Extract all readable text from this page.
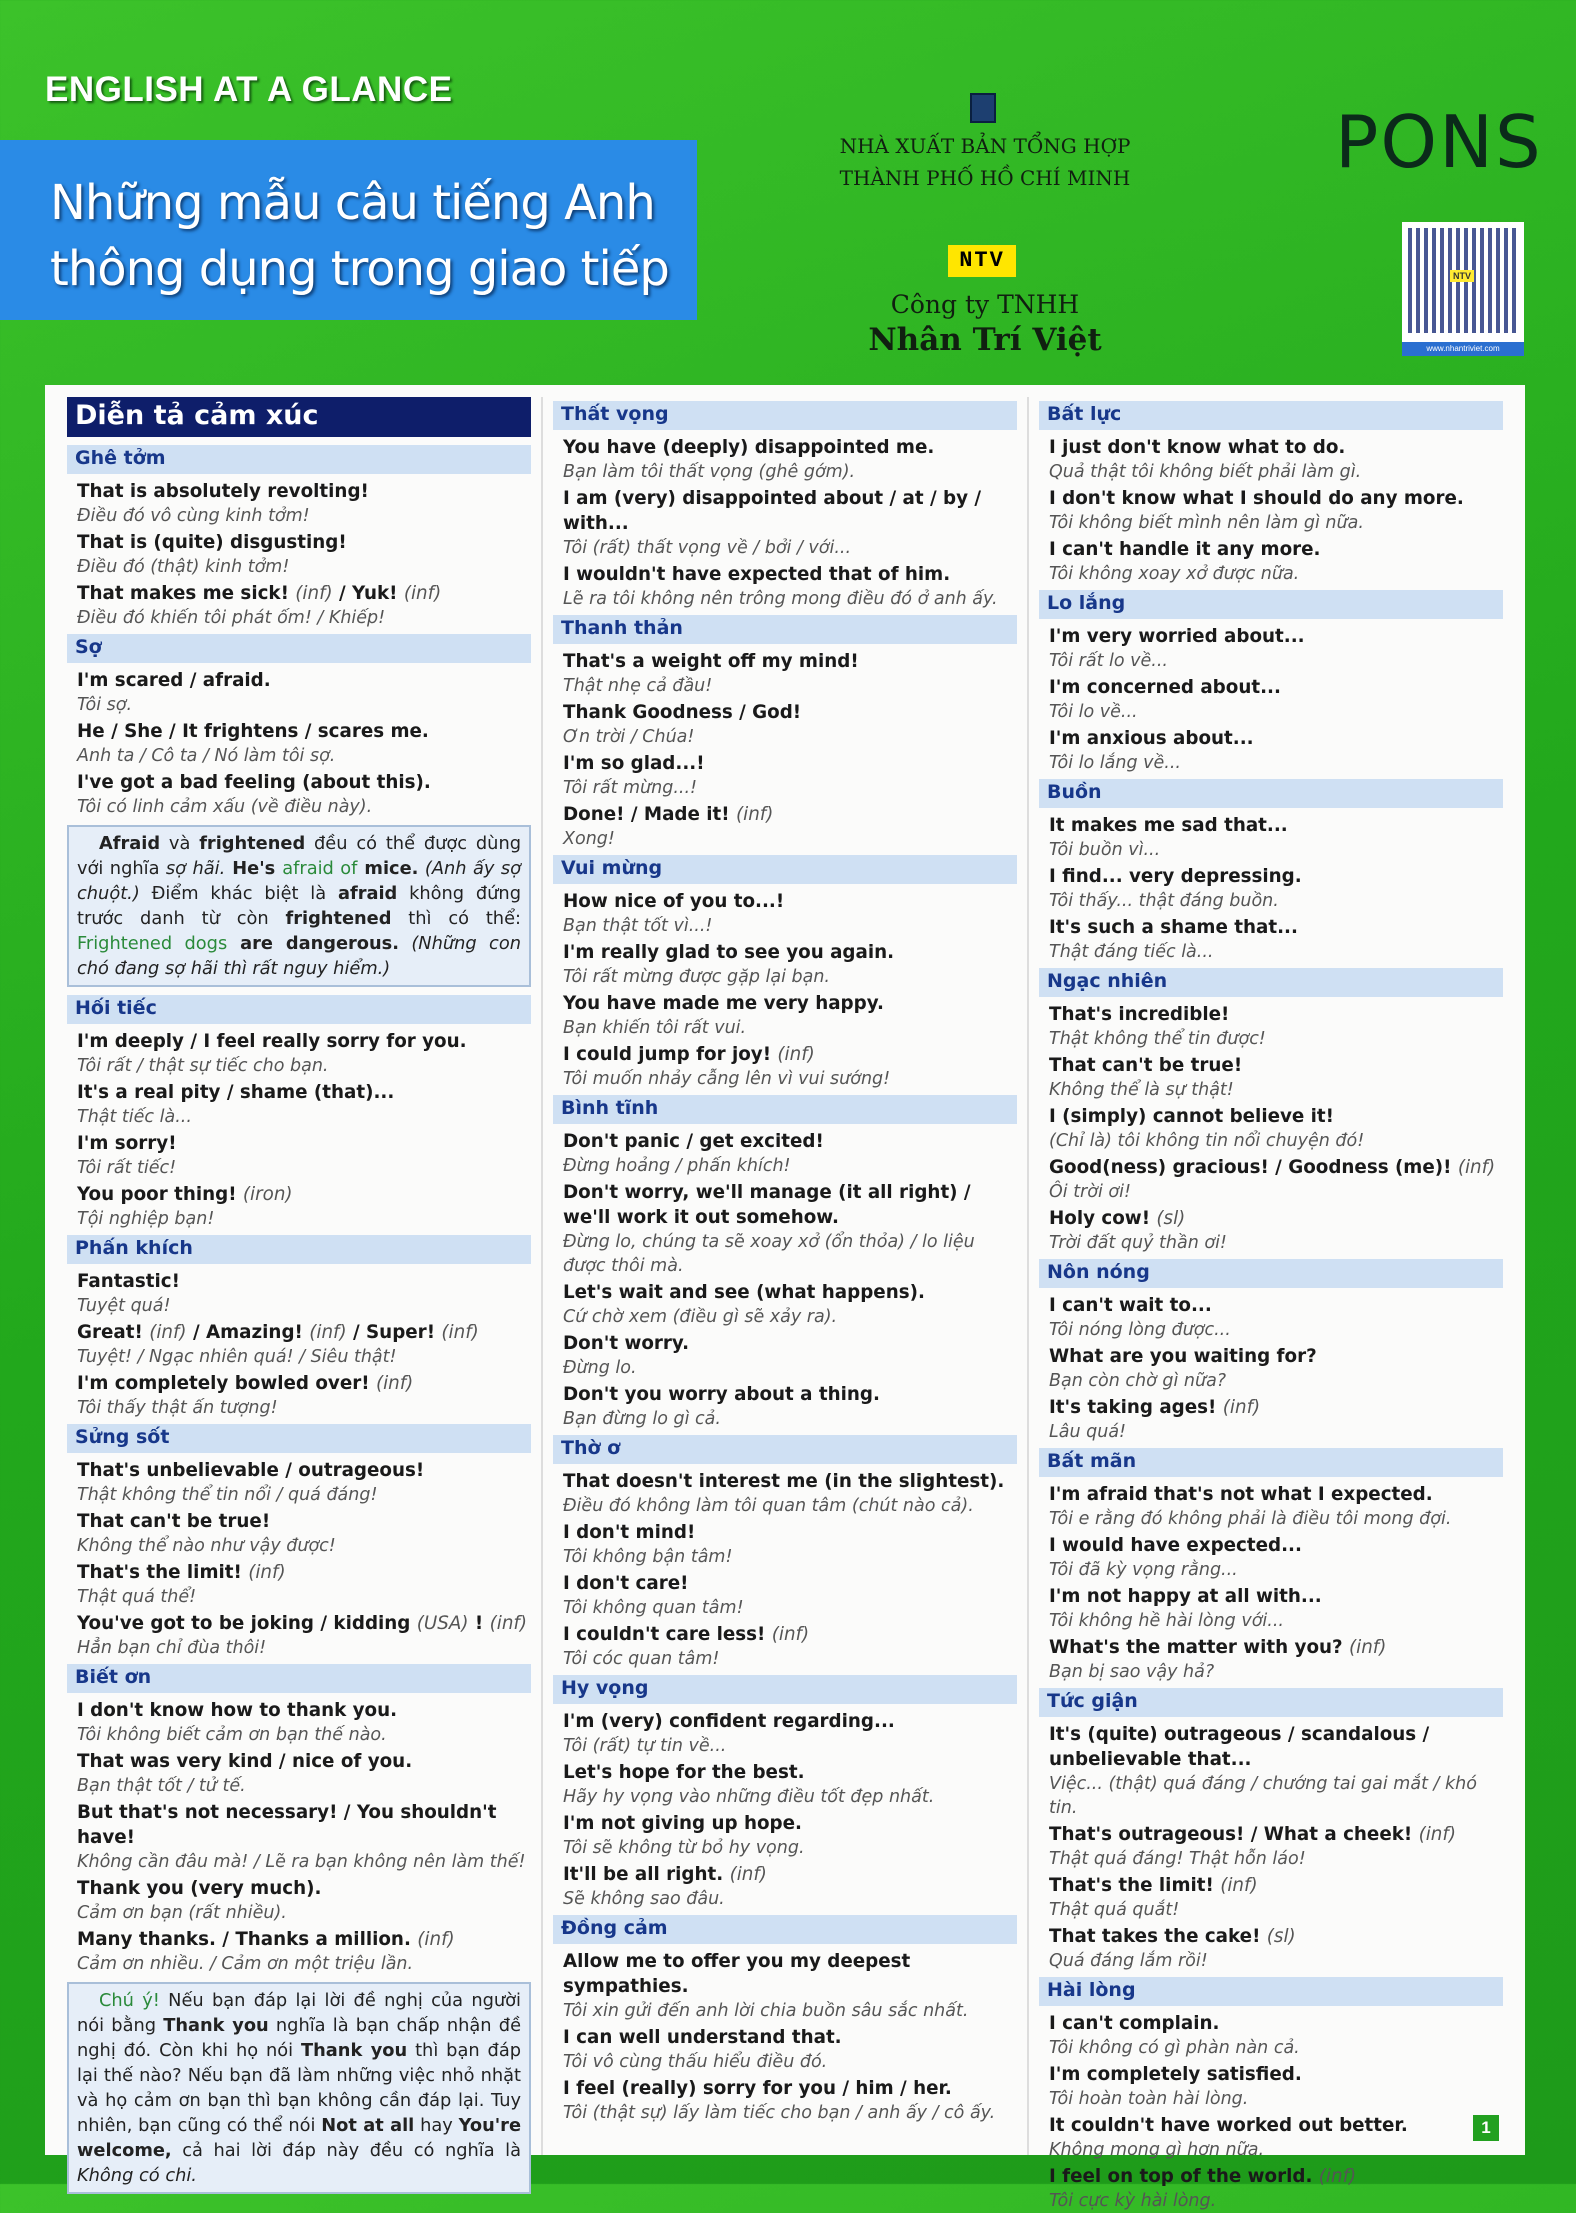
ENGLISH AT A GLANCE
Những mẫu câu tiếng Anh
thông dụng trong giao tiếp
NHÀ XUẤT BẢN TỔNG HỢP
THÀNH PHỐ HỒ CHÍ MINH
NTV
Công ty TNHH
Nhân Trí Việt
PONS
NTV
www.nhantriviet.com
Diễn tả cảm xúc
Ghê tởm
That is absolutely revolting!
Điều đó vô cùng kinh tởm!
That is (quite) disgusting!
Điều đó (thật) kinh tởm!
That makes me sick! (inf) / Yuk! (inf)
Điều đó khiến tôi phát ốm! / Khiếp!
Sợ
I'm scared / afraid.
Tôi sợ.
He / She / It frightens / scares me.
Anh ta / Cô ta / Nó làm tôi sợ.
I've got a bad feeling (about this).
Tôi có linh cảm xấu (về điều này).
Afraid và frightened đều có thể được dùng với nghĩa sợ hãi. He's afraid of mice. (Anh ấy sợ chuột.) Điểm khác biệt là afraid không đứng trước danh từ còn frightened thì có thể: Frightened dogs are dangerous. (Những con chó đang sợ hãi thì rất nguy hiểm.)
Hối tiếc
I'm deeply / I feel really sorry for you.
Tôi rất / thật sự tiếc cho bạn.
It's a real pity / shame (that)...
Thật tiếc là...
I'm sorry!
Tôi rất tiếc!
You poor thing! (iron)
Tội nghiệp bạn!
Phấn khích
Fantastic!
Tuyệt quá!
Great! (inf) / Amazing! (inf) / Super! (inf)
Tuyệt! / Ngạc nhiên quá! / Siêu thật!
I'm completely bowled over! (inf)
Tôi thấy thật ấn tượng!
Sửng sốt
That's unbelievable / outrageous!
Thật không thể tin nổi / quá đáng!
That can't be true!
Không thể nào như vậy được!
That's the limit! (inf)
Thật quá thể!
You've got to be joking / kidding (USA) ! (inf)
Hẳn bạn chỉ đùa thôi!
Biết ơn
I don't know how to thank you.
Tôi không biết cảm ơn bạn thế nào.
That was very kind / nice of you.
Bạn thật tốt / tử tế.
But that's not necessary! / You shouldn't have!
Không cần đâu mà! / Lẽ ra bạn không nên làm thế!
Thank you (very much).
Cảm ơn bạn (rất nhiều).
Many thanks. / Thanks a million. (inf)
Cảm ơn nhiều. / Cảm ơn một triệu lần.
Chú ý! Nếu bạn đáp lại lời đề nghị của người nói bằng Thank you nghĩa là bạn chấp nhận đề nghị đó. Còn khi họ nói Thank you thì bạn đáp lại thế nào? Nếu bạn đã làm những việc nhỏ nhặt và họ cảm ơn bạn thì bạn không cần đáp lại. Tuy nhiên, bạn cũng có thể nói Not at all hay You're welcome, cả hai lời đáp này đều có nghĩa là Không có chi.
Thất vọng
You have (deeply) disappointed me.
Bạn làm tôi thất vọng (ghê gớm).
I am (very) disappointed about / at / by / with...
Tôi (rất) thất vọng về / bởi / với...
I wouldn't have expected that of him.
Lẽ ra tôi không nên trông mong điều đó ở anh ấy.
Thanh thản
That's a weight off my mind!
Thật nhẹ cả đầu!
Thank Goodness / God!
Ơn trời / Chúa!
I'm so glad...!
Tôi rất mừng...!
Done! / Made it! (inf)
Xong!
Vui mừng
How nice of you to...!
Bạn thật tốt vì...!
I'm really glad to see you again.
Tôi rất mừng được gặp lại bạn.
You have made me very happy.
Bạn khiến tôi rất vui.
I could jump for joy! (inf)
Tôi muốn nhảy cẫng lên vì vui sướng!
Bình tĩnh
Don't panic / get excited!
Đừng hoảng / phấn khích!
Don't worry, we'll manage (it all right) / we'll work it out somehow.
Đừng lo, chúng ta sẽ xoay xở (ổn thỏa) / lo liệu được thôi mà.
Let's wait and see (what happens).
Cứ chờ xem (điều gì sẽ xảy ra).
Don't worry.
Đừng lo.
Don't you worry about a thing.
Bạn đừng lo gì cả.
Thờ ơ
That doesn't interest me (in the slightest).
Điều đó không làm tôi quan tâm (chút nào cả).
I don't mind!
Tôi không bận tâm!
I don't care!
Tôi không quan tâm!
I couldn't care less! (inf)
Tôi cóc quan tâm!
Hy vọng
I'm (very) confident regarding...
Tôi (rất) tự tin về...
Let's hope for the best.
Hãy hy vọng vào những điều tốt đẹp nhất.
I'm not giving up hope.
Tôi sẽ không từ bỏ hy vọng.
It'll be all right. (inf)
Sẽ không sao đâu.
Đồng cảm
Allow me to offer you my deepest sympathies.
Tôi xin gửi đến anh lời chia buồn sâu sắc nhất.
I can well understand that.
Tôi vô cùng thấu hiểu điều đó.
I feel (really) sorry for you / him / her.
Tôi (thật sự) lấy làm tiếc cho bạn / anh ấy / cô ấy.
Bất lực
I just don't know what to do.
Quả thật tôi không biết phải làm gì.
I don't know what I should do any more.
Tôi không biết mình nên làm gì nữa.
I can't handle it any more.
Tôi không xoay xở được nữa.
Lo lắng
I'm very worried about...
Tôi rất lo về...
I'm concerned about...
Tôi lo về...
I'm anxious about...
Tôi lo lắng về...
Buồn
It makes me sad that...
Tôi buồn vì...
I find... very depressing.
Tôi thấy... thật đáng buồn.
It's such a shame that...
Thật đáng tiếc là...
Ngạc nhiên
That's incredible!
Thật không thể tin được!
That can't be true!
Không thể là sự thật!
I (simply) cannot believe it!
(Chỉ là) tôi không tin nổi chuyện đó!
Good(ness) gracious! / Goodness (me)! (inf)
Ôi trời ơi!
Holy cow! (sl)
Trời đất quỷ thần ơi!
Nôn nóng
I can't wait to...
Tôi nóng lòng được...
What are you waiting for?
Bạn còn chờ gì nữa?
It's taking ages! (inf)
Lâu quá!
Bất mãn
I'm afraid that's not what I expected.
Tôi e rằng đó không phải là điều tôi mong đợi.
I would have expected...
Tôi đã kỳ vọng rằng...
I'm not happy at all with...
Tôi không hề hài lòng với...
What's the matter with you? (inf)
Bạn bị sao vậy hả?
Tức giận
It's (quite) outrageous / scandalous / unbelievable that...
Việc... (thật) quá đáng / chướng tai gai mắt / khó tin.
That's outrageous! / What a cheek! (inf)
Thật quá đáng! Thật hỗn láo!
That's the limit! (inf)
Thật quá quắt!
That takes the cake! (sl)
Quá đáng lắm rồi!
Hài lòng
I can't complain.
Tôi không có gì phàn nàn cả.
I'm completely satisfied.
Tôi hoàn toàn hài lòng.
It couldn't have worked out better.
Không mong gì hơn nữa.
I feel on top of the world. (inf)
Tôi cực kỳ hài lòng.
1
